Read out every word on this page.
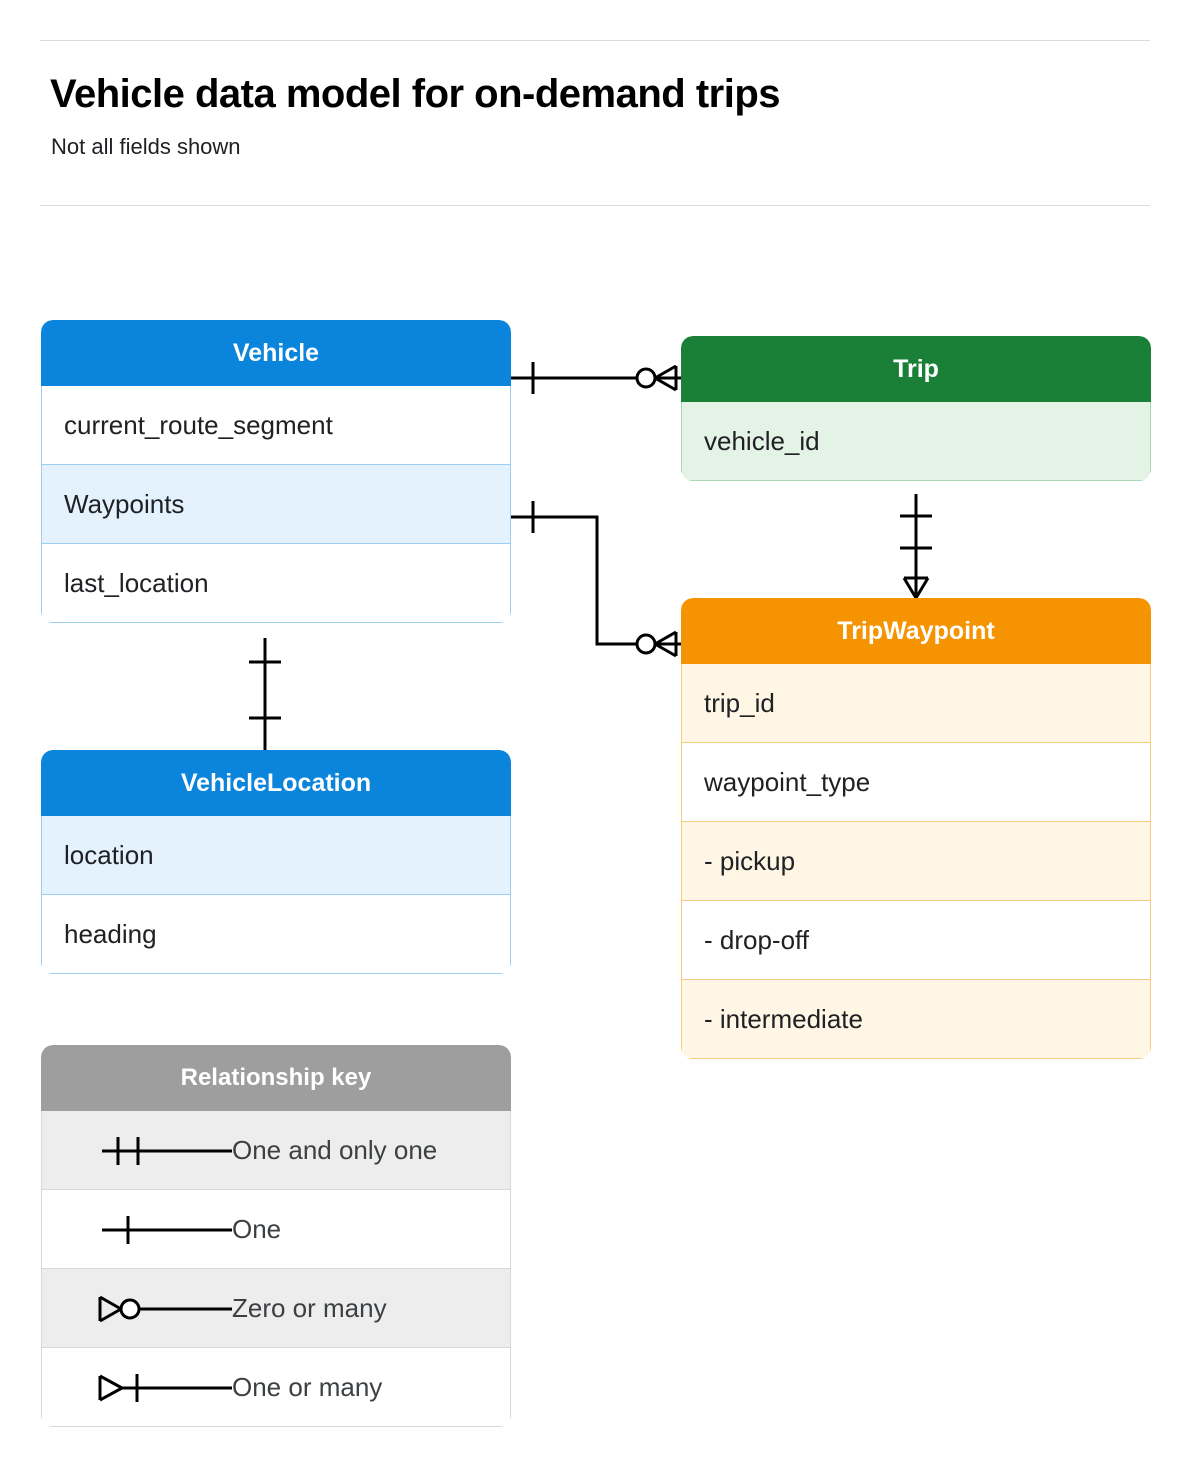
Vehicle data model for on-demand trips
Not all fields shown
Vehicle
current_route_segment
Waypoints
last_location
VehicleLocation
location
heading
Trip
vehicle_id
TripWaypoint
trip_id
waypoint_type
- pickup
- drop-off
- intermediate
Relationship key
One and only one
One
Zero or many
One or many
